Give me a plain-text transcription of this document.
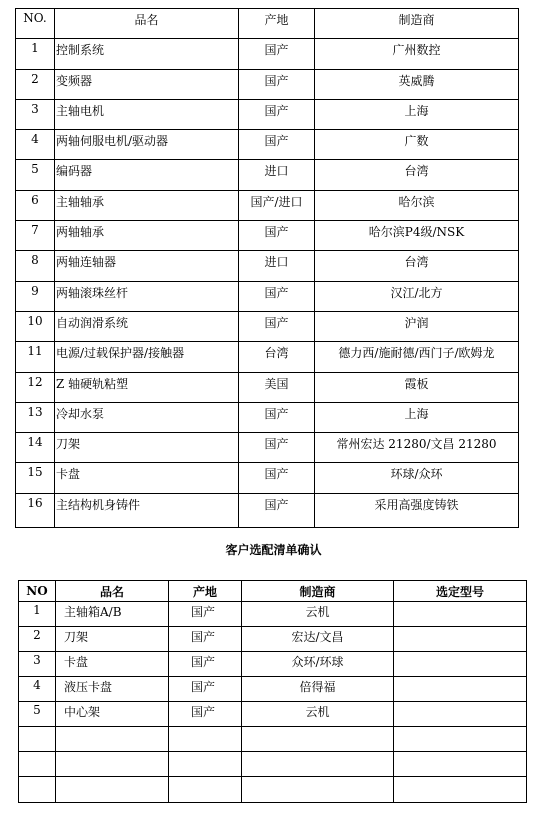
NO.	品名	产地	制造商
1	控制系统	国产	广州数控
2	变频器	国产	英威腾
3	主轴电机	国产	上海
4	两轴伺服电机/驱动器	国产	广数
5	编码器	进口	台湾
6	主轴轴承	国产/进口	哈尔滨
7	两轴轴承	国产	哈尔滨P4级/NSK
8	两轴连轴器	进口	台湾
9	两轴滚珠丝杆	国产	汉江/北方
10	自动润滑系统	国产	沪润
11	电源/过载保护器/接触器	台湾	德力西/施耐德/西门子/欧姆龙
12	Z 轴硬轨粘塑	美国	霞板
13	冷却水泵	国产	上海
14	刀架	国产	常州宏达 21280/文昌 21280
15	卡盘	国产	环球/众环
16	主结构机身铸件	国产	采用高强度铸铁
客户选配清单确认
NO	品名	产地	制造商	选定型号
1	主轴箱A/B	国产	云机	
2	刀架	国产	宏达/文昌	
3	卡盘	国产	众环/环球	
4	液压卡盘	国产	倍得福	
5	中心架	国产	云机	
